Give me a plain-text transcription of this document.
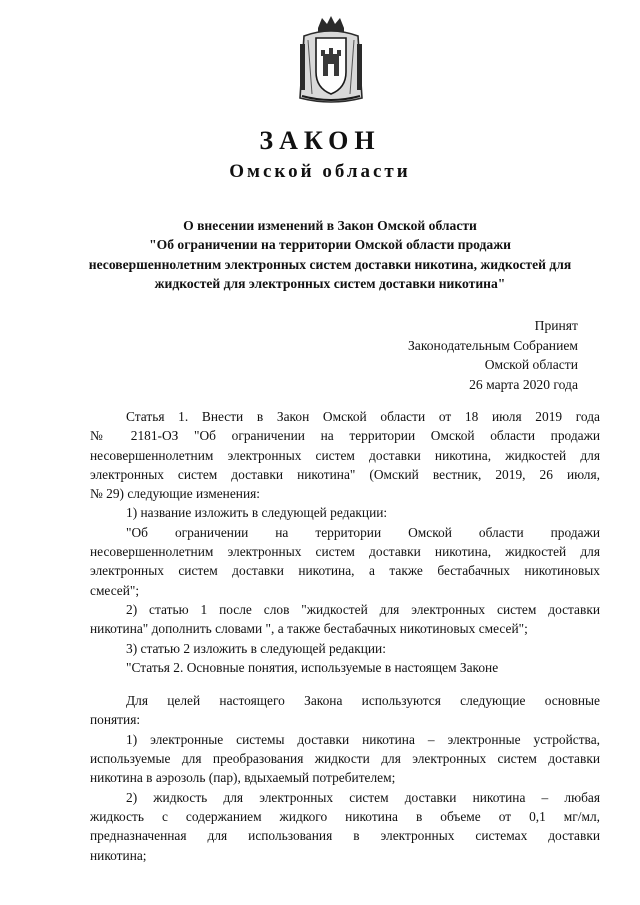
ЗАКОН
Омской области
О внесении изменений в Закон Омской области
"Об ограничении на территории Омской области продажи
несовершеннолетним электронных систем доставки никотина, жидкостей для
жидкостей для электронных систем доставки никотина"
Принят
Законодательным Собранием
Омской области
26 марта 2020 года
Статья 1. Внести в Закон Омской области от 18 июля 2019 года
№ 2181-ОЗ "Об ограничении на территории Омской области продажи
несовершеннолетним электронных систем доставки никотина, жидкостей для
электронных систем доставки никотина" (Омский вестник, 2019, 26 июля,
№ 29) следующие изменения:
1) название изложить в следующей редакции:
"Об ограничении на территории Омской области продажи
несовершеннолетним электронных систем доставки никотина, жидкостей для
электронных систем доставки никотина, а также бестабачных никотиновых
смесей";
2) статью 1 после слов "жидкостей для электронных систем доставки
никотина" дополнить словами ", а также бестабачных никотиновых смесей";
3) статью 2 изложить в следующей редакции:
"Статья 2. Основные понятия, используемые в настоящем Законе
Для целей настоящего Закона используются следующие основные
понятия:
1) электронные системы доставки никотина – электронные устройства,
используемые для преобразования жидкости для электронных систем доставки
никотина в аэрозоль (пар), вдыхаемый потребителем;
2) жидкость для электронных систем доставки никотина – любая
жидкость с содержанием жидкого никотина в объеме от 0,1 мг/мл,
предназначенная для использования в электронных системах доставки
никотина;
